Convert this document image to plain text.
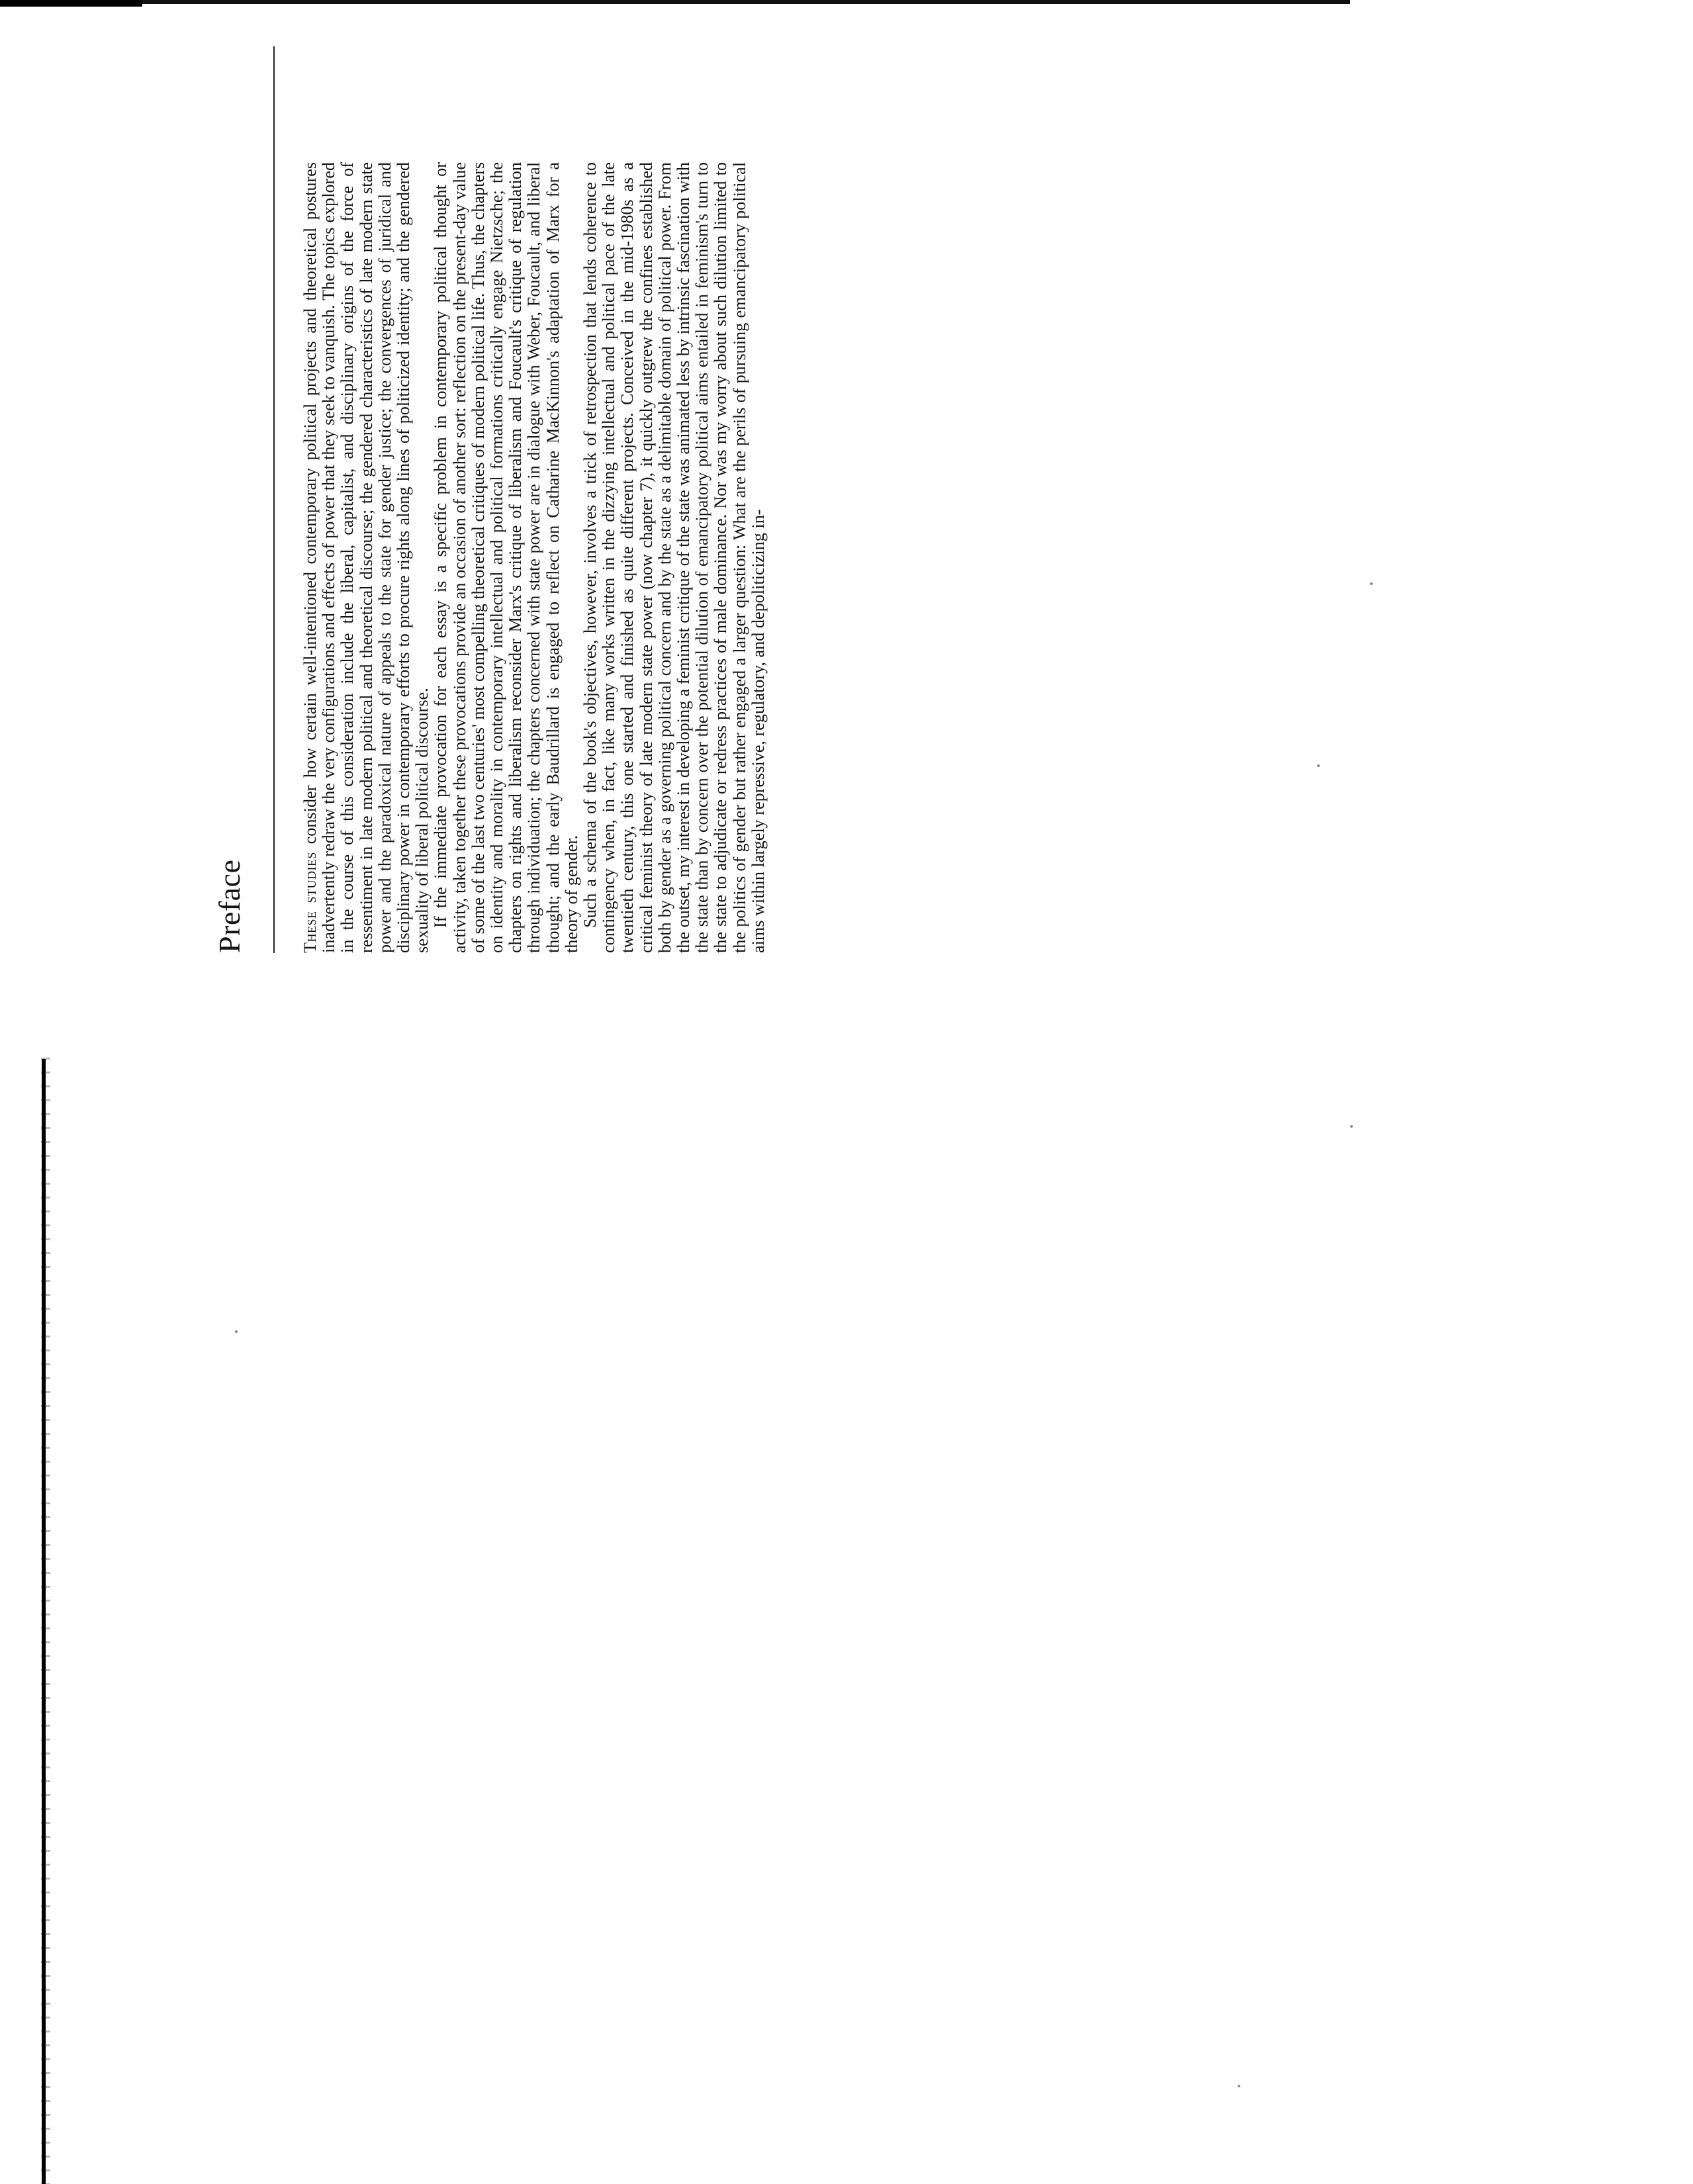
Preface	These studies consider how certain well-intentioned contemporary political projects and theoretical postures inadvertently redraw the very configurations and effects of power that they seek to vanquish. The topics explored in the course of this consideration include the liberal, capitalist, and disciplinary origins of the force of ressentiment in late modern political and theoretical discourse; the gendered characteristics of late modern state power and the paradoxical nature of appeals to the state for gender justice; the convergences of juridical and disciplinary power in contemporary efforts to procure rights along lines of politicized identity; and the gendered sexuality of liberal political discourse. If the immediate provocation for each essay is a specific problem in contemporary political thought or activity, taken together these provocations provide an occasion of another sort: reflection on the present-day value of some of the last two centuries' most compelling theoretical critiques of modern political life. Thus, the chapters on identity and morality in contemporary intellectual and political formations critically engage Nietzsche; the chapters on rights and liberalism reconsider Marx's critique of liberalism and Foucault's critique of regulation through individuation; the chapters concerned with state power are in dialogue with Weber, Foucault, and liberal thought; and the early Baudrillard is engaged to reflect on Catharine MacKinnon's adaptation of Marx for a theory of gender. Such a schema of the book's objectives, however, involves a trick of retrospection that lends coherence to contingency when, in fact, like many works written in the dizzying intellectual and political pace of the late twentieth century, this one started and finished as quite different projects. Conceived in the mid-1980s as a critical feminist theory of late modern state power (now chapter 7), it quickly outgrew the confines established both by gender as a governing political concern and by the state as a delimitable domain of political power. From the outset, my interest in developing a feminist critique of the state was animated less by intrinsic fascination with the state than by concern over the potential dilution of emancipatory political aims entailed in feminism's turn to the state to adjudicate or redress practices of male dominance. Nor was my worry about such dilution limited to the politics of gender but rather engaged a larger question: What are the perils of pursuing emancipatory political aims within largely repressive, regulatory, and depoliticizing in-
